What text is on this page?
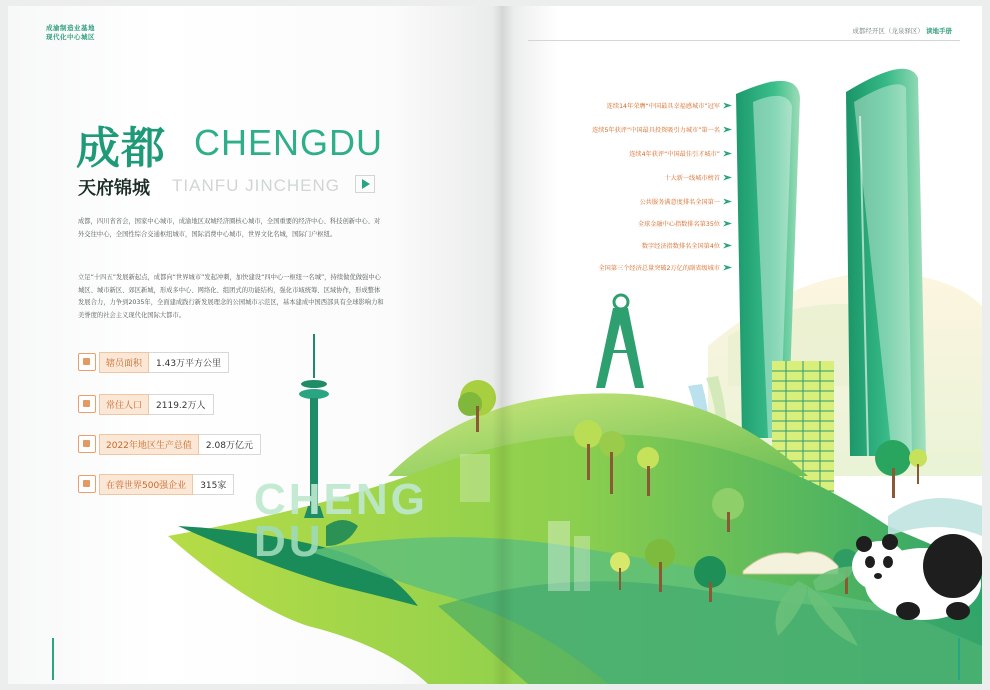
CHENG
DU
成渝制造业基地
现代化中心城区
成都经开区（龙泉驿区） 读地手册
成都 CHENGDU
天府锦城 TIANFU JINCHENG
成都，四川省省会，国家中心城市，成渝地区双城经济圈核心城市，全国重要的经济中心、科技创新中心、对外交往中心，全国性综合交通枢纽城市，国际消费中心城市，世界文化名城，国际门户枢纽。
立足“十四五”发展新起点，成都向“世界城市”发起冲刺，加快建设“四中心一枢纽一名城”，持续做优做强中心城区、城市新区、郊区新城，形成多中心、网络化、组团式的功能结构，强化市域统筹、区域协作，形成整体发展合力，力争到2035年，全面建成践行新发展理念的公园城市示范区，基本建成中国西部具有全球影响力和美誉度的社会主义现代化国际大都市。
辖员面积	1.43万平方公里
常住人口	2119.2万人
2022年地区生产总值	2.08万亿元
在蓉世界500强企业	315家
连续14年荣膺“中国最具幸福感城市”冠军
连续5年获评“中国最具投资吸引力城市”第一名
连续4年获评“中国最佳引才城市”
十大新一线城市榜首
公共服务满意度排名全国第一
全球金融中心指数排名第35位
数字经济指数排名全国第4位
全国第三个经济总量突破2万亿的副省级城市
